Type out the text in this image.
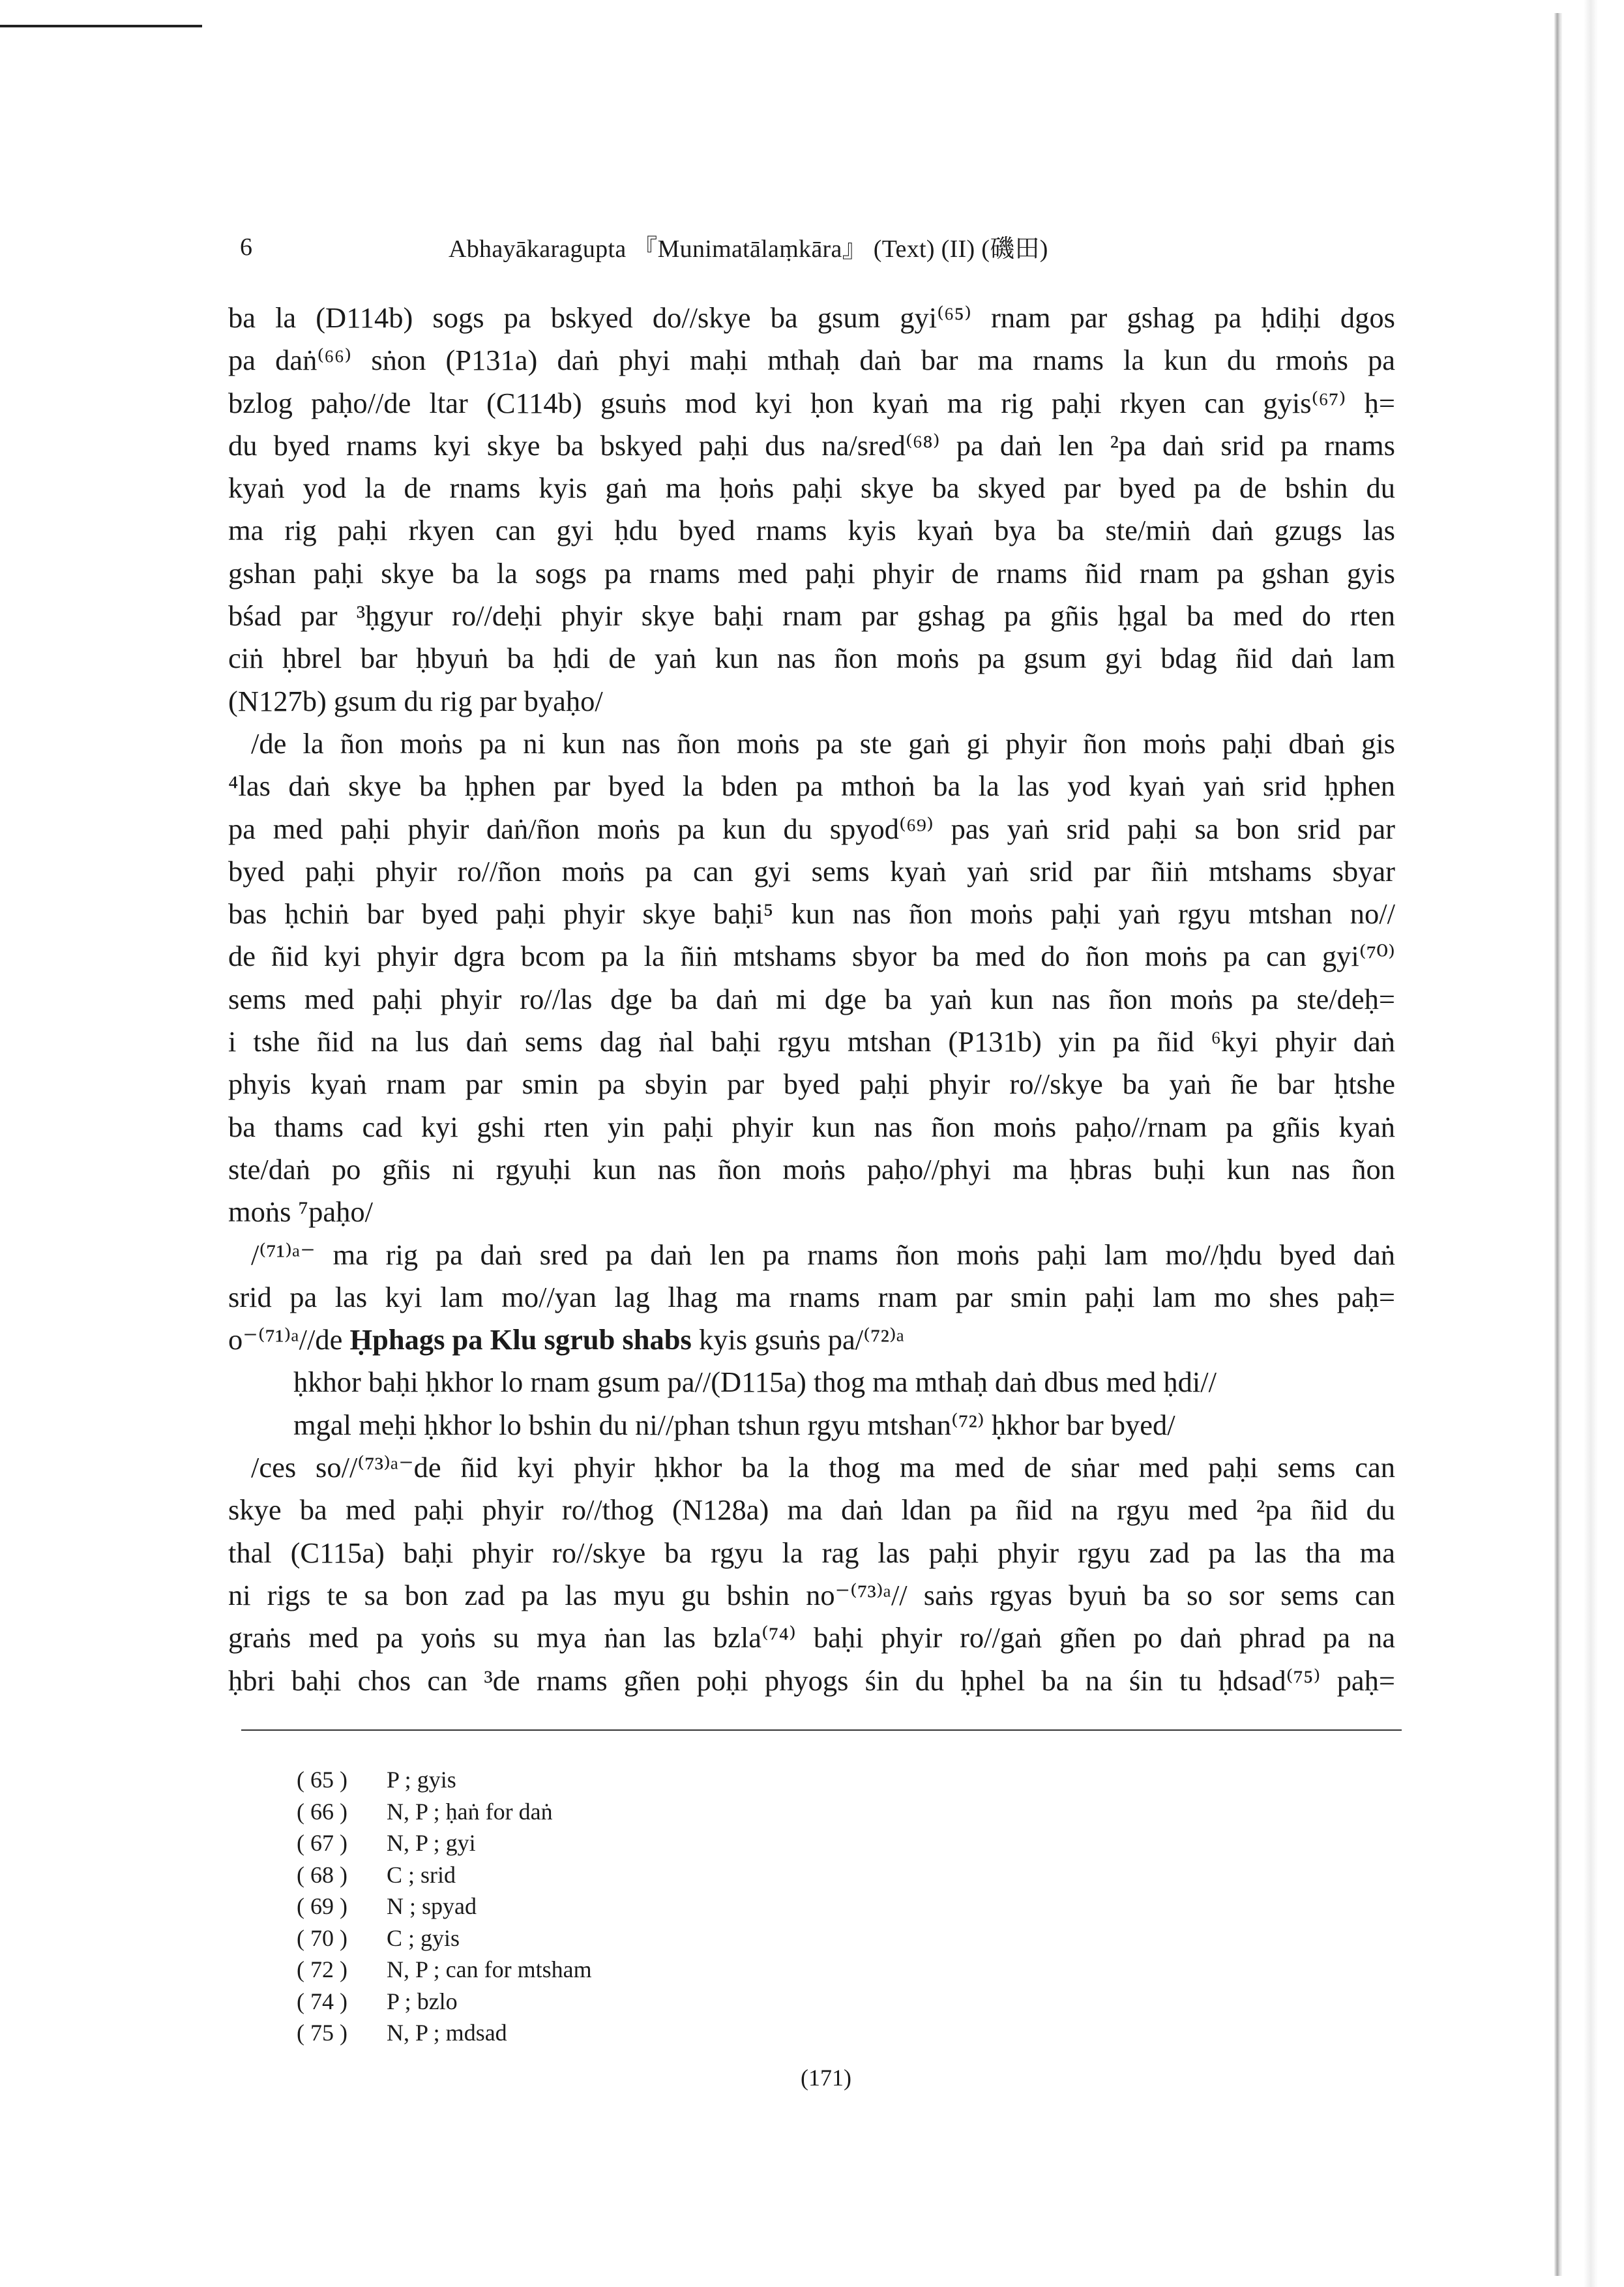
6	Abhayākaragupta 『Munimatālaṃkāra』 (Text) (II) (磯田)
ba la (D114b) sogs pa bskyed do//skye ba gsum gyi⁽⁶⁵⁾ rnam par gshag pa ḥdiḥi dgos
pa daṅ⁽⁶⁶⁾ sṅon (P131a) daṅ phyi maḥi mthaḥ daṅ bar ma rnams la kun du rmoṅs pa
bzlog paḥo//de ltar (C114b) gsuṅs mod kyi ḥon kyaṅ ma rig paḥi rkyen can gyis⁽⁶⁷⁾ ḥ=
du byed rnams kyi skye ba bskyed paḥi dus na/sred⁽⁶⁸⁾ pa daṅ len ²pa daṅ srid pa rnams
kyaṅ yod la de rnams kyis gaṅ ma ḥoṅs paḥi skye ba skyed par byed pa de bshin du
ma rig paḥi rkyen can gyi ḥdu byed rnams kyis kyaṅ bya ba ste/miṅ daṅ gzugs las
gshan paḥi skye ba la sogs pa rnams med paḥi phyir de rnams ñid rnam pa gshan gyis
bśad par ³ḥgyur ro//deḥi phyir skye baḥi rnam par gshag pa gñis ḥgal ba med do rten
ciṅ ḥbrel bar ḥbyuṅ ba ḥdi de yaṅ kun nas ñon moṅs pa gsum gyi bdag ñid daṅ lam
(N127b) gsum du rig par byaḥo/
/de la ñon moṅs pa ni kun nas ñon moṅs pa ste gaṅ gi phyir ñon moṅs paḥi dbaṅ gis
⁴las daṅ skye ba ḥphen par byed la bden pa mthoṅ ba la las yod kyaṅ yaṅ srid ḥphen
pa med paḥi phyir daṅ/ñon moṅs pa kun du spyod⁽⁶⁹⁾ pas yaṅ srid paḥi sa bon srid par
byed paḥi phyir ro//ñon moṅs pa can gyi sems kyaṅ yaṅ srid par ñiṅ mtshams sbyar
bas ḥchiṅ bar byed paḥi phyir skye baḥi⁵ kun nas ñon moṅs paḥi yaṅ rgyu mtshan no//
de ñid kyi phyir dgra bcom pa la ñiṅ mtshams sbyor ba med do ñon moṅs pa can gyi⁽⁷⁰⁾
sems med paḥi phyir ro//las dge ba daṅ mi dge ba yaṅ kun nas ñon moṅs pa ste/deḥ=
i tshe ñid na lus daṅ sems dag ṅal baḥi rgyu mtshan (P131b) yin pa ñid ⁶kyi phyir daṅ
phyis kyaṅ rnam par smin pa sbyin par byed paḥi phyir ro//skye ba yaṅ ñe bar ḥtshe
ba thams cad kyi gshi rten yin paḥi phyir kun nas ñon moṅs paḥo//rnam pa gñis kyaṅ
ste/daṅ po gñis ni rgyuḥi kun nas ñon moṅs paḥo//phyi ma ḥbras buḥi kun nas ñon
moṅs ⁷paḥo/
/⁽⁷¹⁾ᵃ⁻ ma rig pa daṅ sred pa daṅ len pa rnams ñon moṅs paḥi lam mo//ḥdu byed daṅ
srid pa las kyi lam mo//yan lag lhag ma rnams rnam par smin paḥi lam mo shes paḥ=
o⁻⁽⁷¹⁾ᵃ//de Ḥphags pa Klu sgrub shabs kyis gsuṅs pa/⁽⁷²⁾ᵃ
ḥkhor baḥi ḥkhor lo rnam gsum pa//(D115a) thog ma mthaḥ daṅ dbus med ḥdi//
mgal meḥi ḥkhor lo bshin du ni//phan tshun rgyu mtshan⁽⁷²⁾ ḥkhor bar byed/
/ces so//⁽⁷³⁾ᵃ⁻de ñid kyi phyir ḥkhor ba la thog ma med de sṅar med paḥi sems can
skye ba med paḥi phyir ro//thog (N128a) ma daṅ ldan pa ñid na rgyu med ²pa ñid du
thal (C115a) baḥi phyir ro//skye ba rgyu la rag las paḥi phyir rgyu zad pa las tha ma
ni rigs te sa bon zad pa las myu gu bshin no⁻⁽⁷³⁾ᵃ// saṅs rgyas byuṅ ba so sor sems can
graṅs med pa yoṅs su mya ṅan las bzla⁽⁷⁴⁾ baḥi phyir ro//gaṅ gñen po daṅ phrad pa na
ḥbri baḥi chos can ³de rnams gñen poḥi phyogs śin du ḥphel ba na śin tu ḥdsad⁽⁷⁵⁾ paḥ=
( 65 )	P ; gyis
( 66 )	N, P ; ḥaṅ for daṅ
( 67 )	N, P ; gyi
( 68 )	C ; srid
( 69 )	N ; spyad
( 70 )	C ; gyis
( 72 )	N, P ; can for mtsham
( 74 )	P ; bzlo
( 75 )	N, P ; mdsad
(171)
